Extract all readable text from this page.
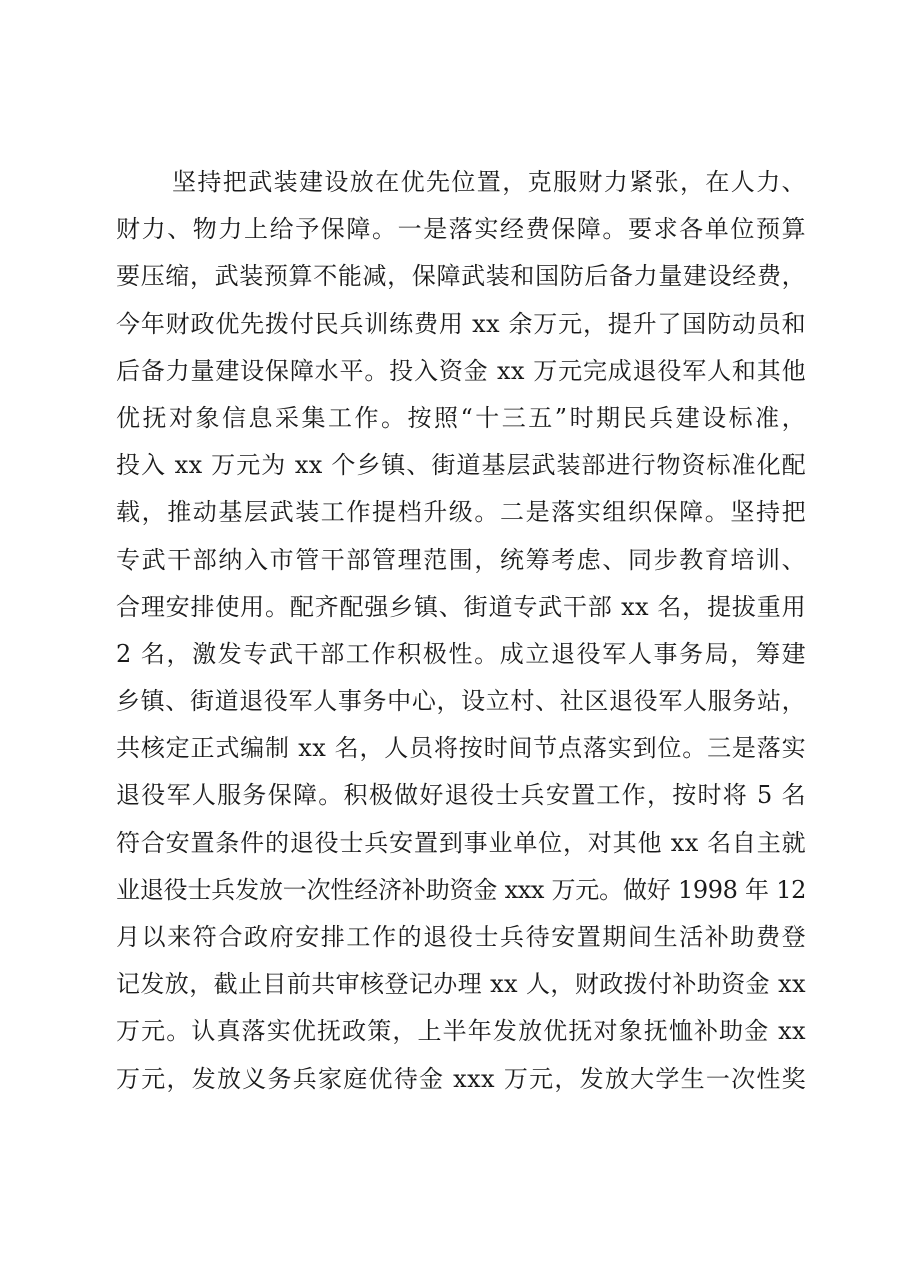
坚持把武装建设放在优先位置，克服财力紧张，在人力、
财力、物力上给予保障。一是落实经费保障。要求各单位预算
要压缩，武装预算不能减，保障武装和国防后备力量建设经费，
今年财政优先拨付民兵训练费用 xx 余万元，提升了国防动员和
后备力量建设保障水平。投入资金 xx 万元完成退役军人和其他
优抚对象信息采集工作。按照“十三五”时期民兵建设标准，
投入 xx 万元为 xx 个乡镇、街道基层武装部进行物资标准化配
载，推动基层武装工作提档升级。二是落实组织保障。坚持把
专武干部纳入市管干部管理范围，统筹考虑、同步教育培训、
合理安排使用。配齐配强乡镇、街道专武干部 xx 名，提拔重用
2 名，激发专武干部工作积极性。成立退役军人事务局，筹建
乡镇、街道退役军人事务中心，设立村、社区退役军人服务站，
共核定正式编制 xx 名，人员将按时间节点落实到位。三是落实
退役军人服务保障。积极做好退役士兵安置工作，按时将 5 名
符合安置条件的退役士兵安置到事业单位，对其他 xx 名自主就
业退役士兵发放一次性经济补助资金 xxx 万元。做好 1998 年 12
月以来符合政府安排工作的退役士兵待安置期间生活补助费登
记发放，截止目前共审核登记办理 xx 人，财政拨付补助资金 xx
万元。认真落实优抚政策，上半年发放优抚对象抚恤补助金 xx
万元，发放义务兵家庭优待金 xxx 万元，发放大学生一次性奖
